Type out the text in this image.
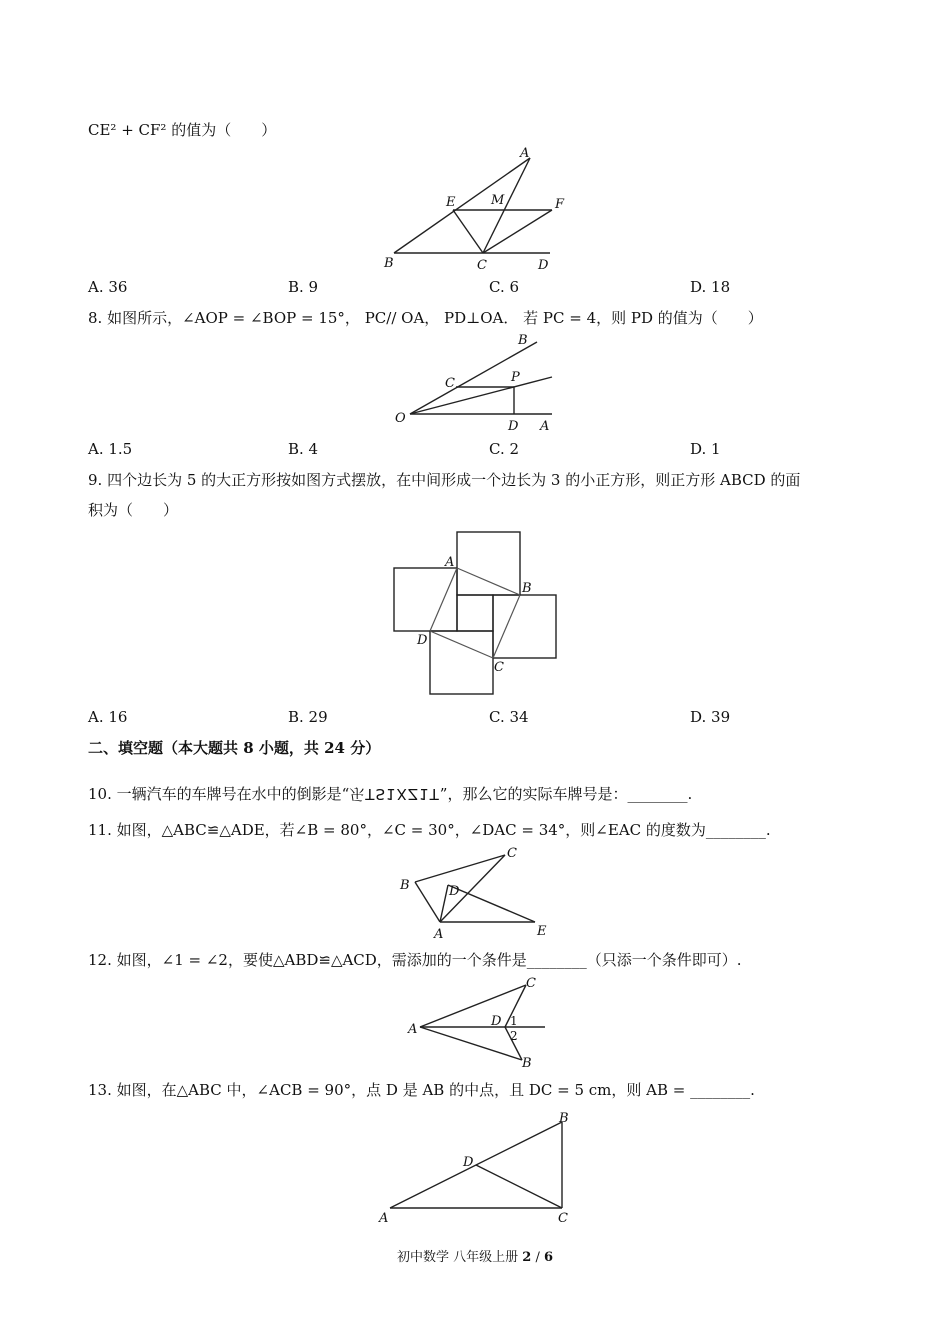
CE² + CF² 的值为（　　）
A
M
E	F
B	C	D
A. 36	B. 9	C. 6	D. 18
8. 如图所示，∠AOP = ∠BOP = 15°， PC// OA， PD⊥OA． 若 PC = 4，则 PD 的值为（　　）
B
C	P
O
D A
A. 1.5	B. 4	C. 2	D. 1
9. 四个边长为 5 的大正方形按如图方式摆放，在中间形成一个边长为 3 的小正方形，则正方形 ABCD 的面
积为（　　）
A
B
C
D
A. 16	B. 29	C. 34	D. 39
二、填空题（本大题共 8 小题，共 24 分）
10. 一辆汽车的车牌号在水中的倒影是“乐TS1XZ1T”，那么它的实际车牌号是：________.
11. 如图，△ABC≌△ADE，若∠B = 80°，∠C = 30°，∠DAC = 34°，则∠EAC 的度数为________.
C
B	D
A	E
12. 如图，∠1 = ∠2，要使△ABD≌△ACD，需添加的一个条件是________（只添一个条件即可）.
C
A
D 1
2
B
13. 如图，在△ABC 中，∠ACB = 90°，点 D 是 AB 的中点，且 DC = 5 cm，则 AB = ________.
B
D
A	C
初中数学 八年级上册 2 / 6
